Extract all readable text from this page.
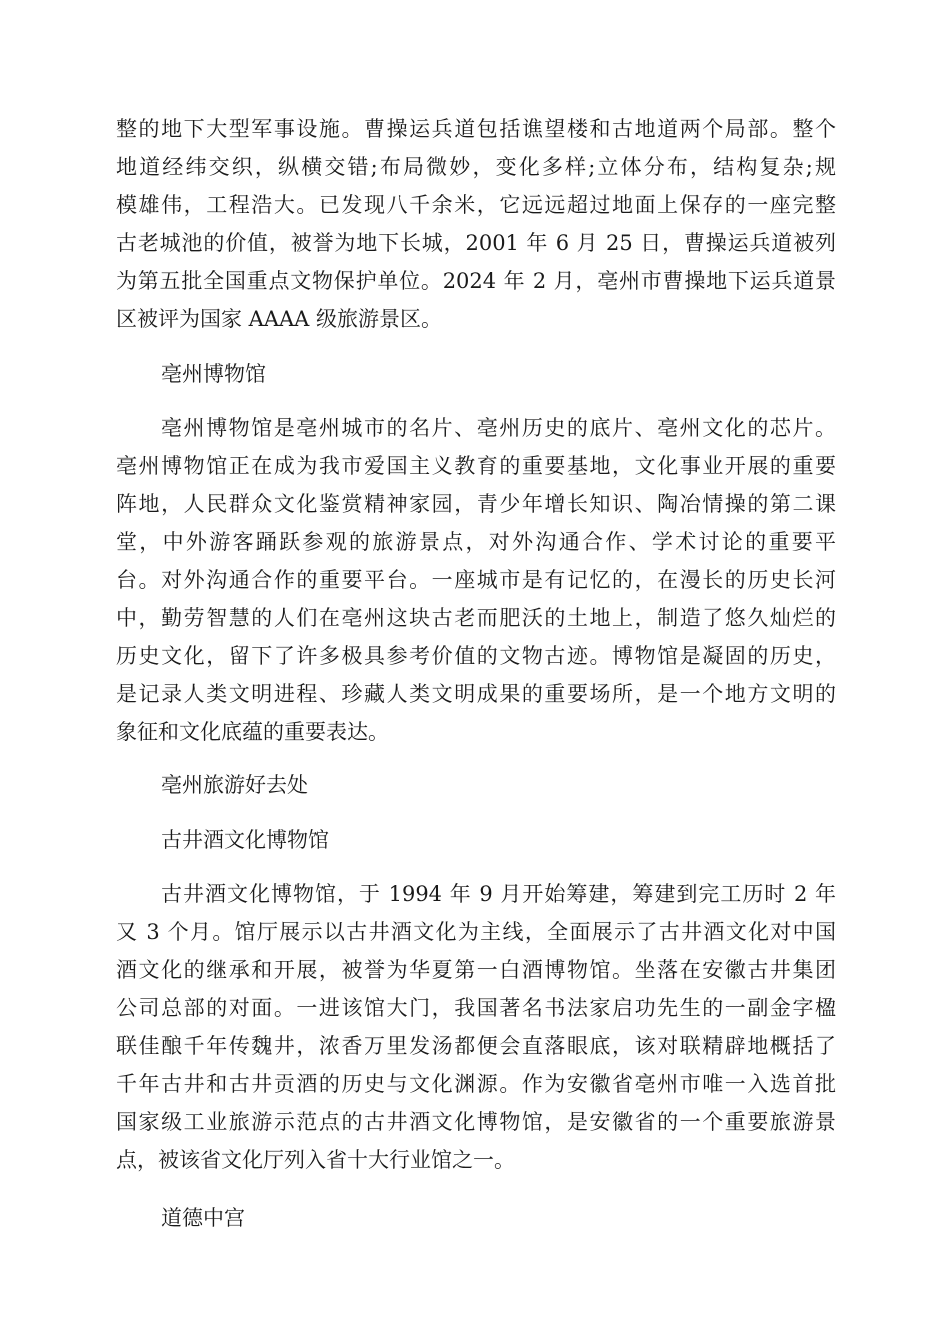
整的地下大型军事设施。曹操运兵道包括谯望楼和古地道两个局部。整个
地道经纬交织，纵横交错;布局微妙，变化多样;立体分布，结构复杂;规
模雄伟，工程浩大。已发现八千余米，它远远超过地面上保存的一座完整
古老城池的价值，被誉为地下长城，2001 年 6 月 25 日，曹操运兵道被列
为第五批全国重点文物保护单位。2024 年 2 月，亳州市曹操地下运兵道景
区被评为国家 AAAA 级旅游景区。
亳州博物馆
亳州博物馆是亳州城市的名片、亳州历史的底片、亳州文化的芯片。
亳州博物馆正在成为我市爱国主义教育的重要基地，文化事业开展的重要
阵地，人民群众文化鉴赏精神家园，青少年增长知识、陶冶情操的第二课
堂，中外游客踊跃参观的旅游景点，对外沟通合作、学术讨论的重要平
台。对外沟通合作的重要平台。一座城市是有记忆的，在漫长的历史长河
中，勤劳智慧的人们在亳州这块古老而肥沃的土地上，制造了悠久灿烂的
历史文化，留下了许多极具参考价值的文物古迹。博物馆是凝固的历史，
是记录人类文明进程、珍藏人类文明成果的重要场所，是一个地方文明的
象征和文化底蕴的重要表达。
亳州旅游好去处
古井酒文化博物馆
古井酒文化博物馆，于 1994 年 9 月开始筹建，筹建到完工历时 2 年
又 3 个月。馆厅展示以古井酒文化为主线，全面展示了古井酒文化对中国
酒文化的继承和开展，被誉为华夏第一白酒博物馆。坐落在安徽古井集团
公司总部的对面。一进该馆大门，我国著名书法家启功先生的一副金字楹
联佳酿千年传魏井，浓香万里发汤都便会直落眼底，该对联精辟地概括了
千年古井和古井贡酒的历史与文化渊源。作为安徽省亳州市唯一入选首批
国家级工业旅游示范点的古井酒文化博物馆，是安徽省的一个重要旅游景
点，被该省文化厅列入省十大行业馆之一。
道德中宫
